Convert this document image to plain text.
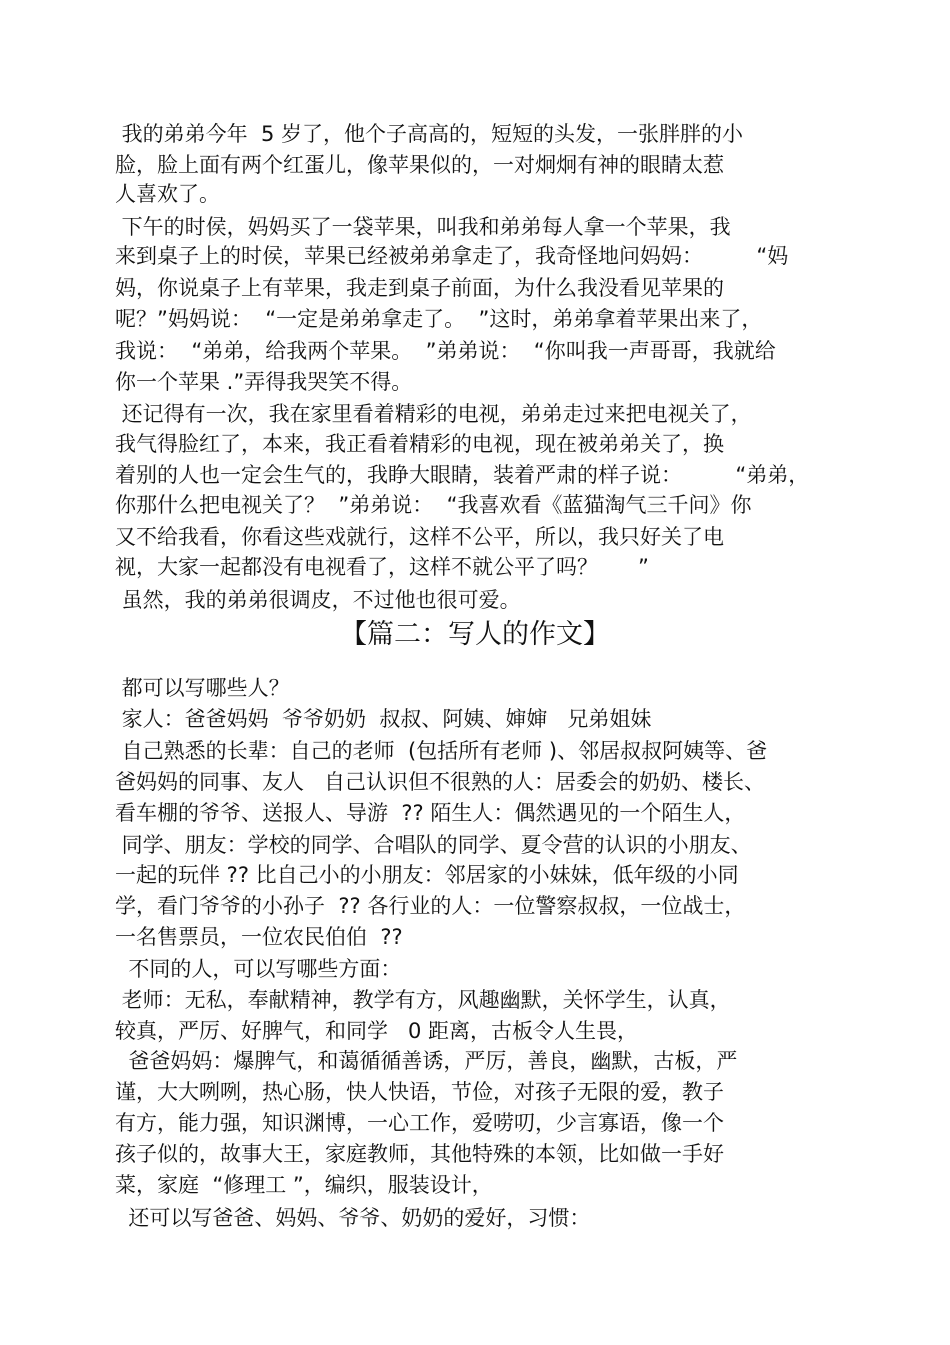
我的弟弟今年  5 岁了，他个子高高的，短短的头发，一张胖胖的小
脸，脸上面有两个红蛋儿，像苹果似的，一对炯炯有神的眼睛太惹
人喜欢了。
下午的时侯，妈妈买了一袋苹果，叫我和弟弟每人拿一个苹果，我
来到桌子上的时侯，苹果已经被弟弟拿走了，我奇怪地问妈妈：        “妈
妈，你说桌子上有苹果，我走到桌子前面，为什么我没看见苹果的
呢？”妈妈说：  “一定是弟弟拿走了。  ”这时，弟弟拿着苹果出来了，
我说：  “弟弟，给我两个苹果。  ”弟弟说：  “你叫我一声哥哥，我就给
你一个苹果 .”弄得我哭笑不得。
还记得有一次，我在家里看着精彩的电视，弟弟走过来把电视关了，
我气得脸红了，本来，我正看着精彩的电视，现在被弟弟关了，换
着别的人也一定会生气的，我睁大眼睛，装着严肃的样子说：        “弟弟，
你那什么把电视关了？  ”弟弟说：  “我喜欢看《蓝猫淘气三千问》你
又不给我看，你看这些戏就行，这样不公平，所以，我只好关了电
视，大家一起都没有电视看了，这样不就公平了吗？      ”
虽然，我的弟弟很调皮，不过他也很可爱。
【篇二：写人的作文】
都可以写哪些人？
家人：爸爸妈妈  爷爷奶奶  叔叔、阿姨、婶婶   兄弟姐妹
自己熟悉的长辈：自己的老师  (包括所有老师 )、邻居叔叔阿姨等、爸
爸妈妈的同事、友人   自己认识但不很熟的人：居委会的奶奶、楼长、
看车棚的爷爷、送报人、导游  ?? 陌生人：偶然遇见的一个陌生人，
同学、朋友：学校的同学、合唱队的同学、夏令营的认识的小朋友、
一起的玩伴 ?? 比自己小的小朋友：邻居家的小妹妹，低年级的小同
学，看门爷爷的小孙子  ?? 各行业的人：一位警察叔叔，一位战士，
一名售票员，一位农民伯伯  ??
不同的人，可以写哪些方面：
老师：无私，奉献精神，教学有方，风趣幽默，关怀学生，认真，
较真，严厉、好脾气，和同学   0 距离，古板令人生畏，
爸爸妈妈：爆脾气，和蔼循循善诱，严厉，善良，幽默，古板，严
谨，大大咧咧，热心肠，快人快语，节俭，对孩子无限的爱，教子
有方，能力强，知识渊博，一心工作，爱唠叨，少言寡语，像一个
孩子似的，故事大王，家庭教师，其他特殊的本领，比如做一手好
菜，家庭  “修理工 ”，编织，服装设计，
还可以写爸爸、妈妈、爷爷、奶奶的爱好，习惯：
